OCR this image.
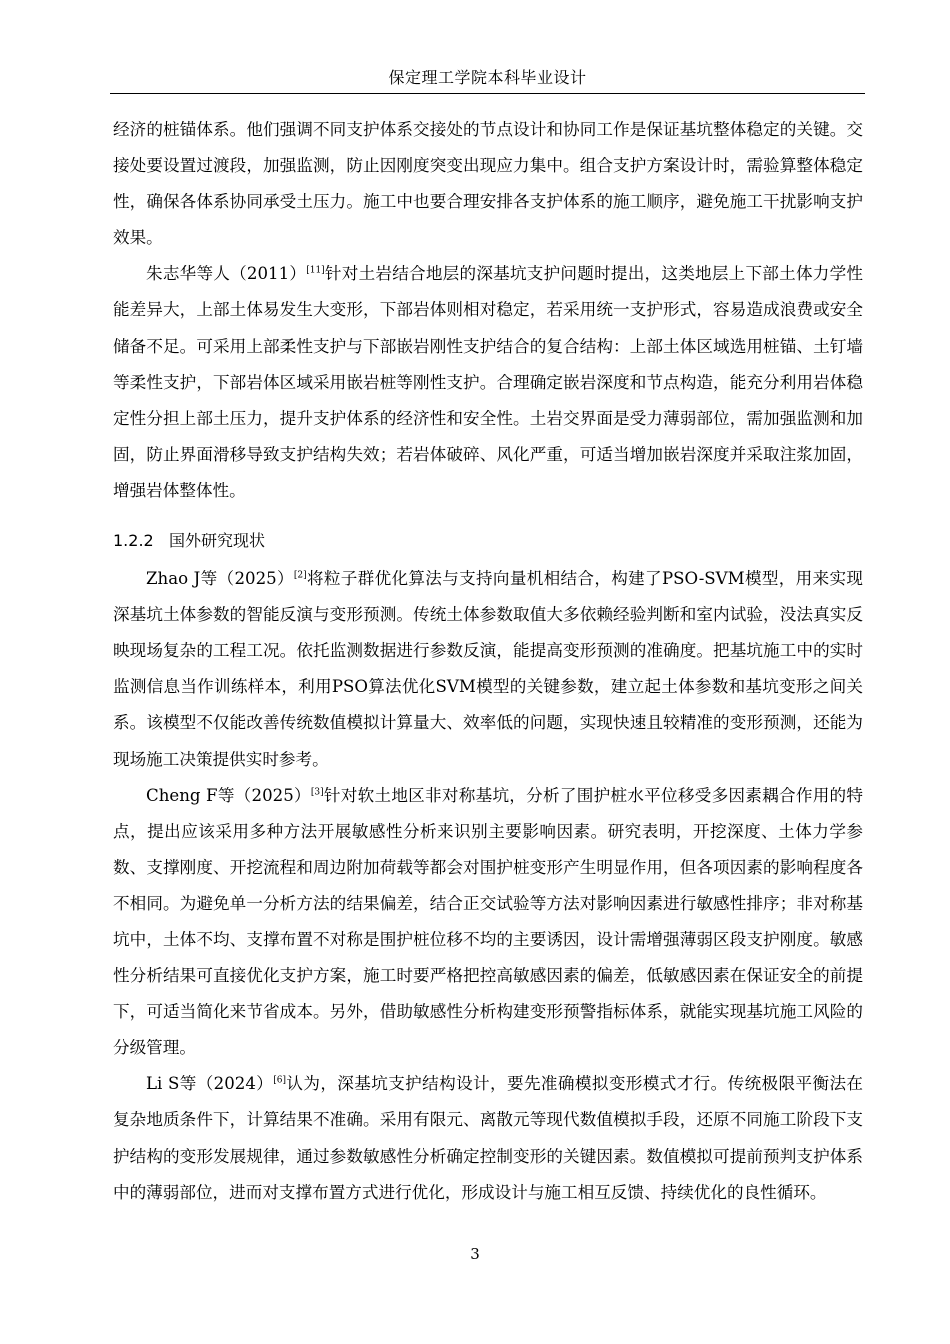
保定理工学院本科毕业设计

经济的桩锚体系。他们强调不同支护体系交接处的节点设计和协同工作是保证基坑整体稳定的关键。交接处要设置过渡段，加强监测，防止因刚度突变出现应力集中。组合支护方案设计时，需验算整体稳定性，确保各体系协同承受土压力。施工中也要合理安排各支护体系的施工顺序，避免施工干扰影响支护效果。

朱志华等人（2011）[11]针对土岩结合地层的深基坑支护问题时提出，这类地层上下部土体力学性能差异大，上部土体易发生大变形，下部岩体则相对稳定，若采用统一支护形式，容易造成浪费或安全储备不足。可采用上部柔性支护与下部嵌岩刚性支护结合的复合结构：上部土体区域选用桩锚、土钉墙等柔性支护，下部岩体区域采用嵌岩桩等刚性支护。合理确定嵌岩深度和节点构造，能充分利用岩体稳定性分担上部土压力，提升支护体系的经济性和安全性。土岩交界面是受力薄弱部位，需加强监测和加固，防止界面滑移导致支护结构失效；若岩体破碎、风化严重，可适当增加嵌岩深度并采取注浆加固，增强岩体整体性。

1.2.2 国外研究现状

Zhao J等（2025）[2]将粒子群优化算法与支持向量机相结合，构建了PSO-SVM模型，用来实现深基坑土体参数的智能反演与变形预测。传统土体参数取值大多依赖经验判断和室内试验，没法真实反映现场复杂的工程工况。依托监测数据进行参数反演，能提高变形预测的准确度。把基坑施工中的实时监测信息当作训练样本，利用PSO算法优化SVM模型的关键参数，建立起土体参数和基坑变形之间关系。该模型不仅能改善传统数值模拟计算量大、效率低的问题，实现快速且较精准的变形预测，还能为现场施工决策提供实时参考。

Cheng F等（2025）[3]针对软土地区非对称基坑，分析了围护桩水平位移受多因素耦合作用的特点，提出应该采用多种方法开展敏感性分析来识别主要影响因素。研究表明，开挖深度、土体力学参数、支撑刚度、开挖流程和周边附加荷载等都会对围护桩变形产生明显作用，但各项因素的影响程度各不相同。为避免单一分析方法的结果偏差，结合正交试验等方法对影响因素进行敏感性排序；非对称基坑中，土体不均、支撑布置不对称是围护桩位移不均的主要诱因，设计需增强薄弱区段支护刚度。敏感性分析结果可直接优化支护方案，施工时要严格把控高敏感因素的偏差，低敏感因素在保证安全的前提下，可适当简化来节省成本。另外，借助敏感性分析构建变形预警指标体系，就能实现基坑施工风险的分级管理。

Li S等（2024）[6]认为，深基坑支护结构设计，要先准确模拟变形模式才行。传统极限平衡法在复杂地质条件下，计算结果不准确。采用有限元、离散元等现代数值模拟手段，还原不同施工阶段下支护结构的变形发展规律，通过参数敏感性分析确定控制变形的关键因素。数值模拟可提前预判支护体系中的薄弱部位，进而对支撑布置方式进行优化，形成设计与施工相互反馈、持续优化的良性循环。

3
